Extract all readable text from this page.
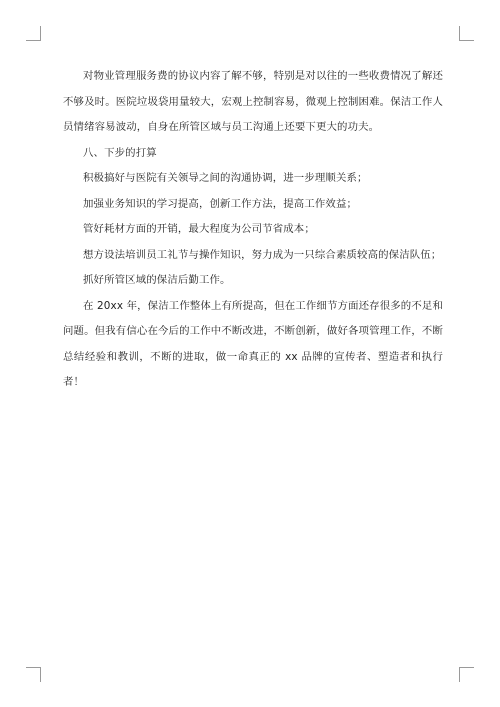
对物业管理服务费的协议内容了解不够，特别是对以往的一些收费情况了解还不够及时。医院垃圾袋用量较大，宏观上控制容易，微观上控制困难。保洁工作人员情绪容易波动，自身在所管区域与员工沟通上还要下更大的功夫。

八、下步的打算

积极搞好与医院有关领导之间的沟通协调，进一步理顺关系；

加强业务知识的学习提高，创新工作方法，提高工作效益；

管好耗材方面的开销，最大程度为公司节省成本；

想方设法培训员工礼节与操作知识，努力成为一只综合素质较高的保洁队伍；

抓好所管区域的保洁后勤工作。

在 20xx 年，保洁工作整体上有所提高，但在工作细节方面还存很多的不足和问题。但我有信心在今后的工作中不断改进，不断创新，做好各项管理工作，不断总结经验和教训，不断的进取，做一命真正的 xx 品牌的宣传者、塑造者和执行者！
